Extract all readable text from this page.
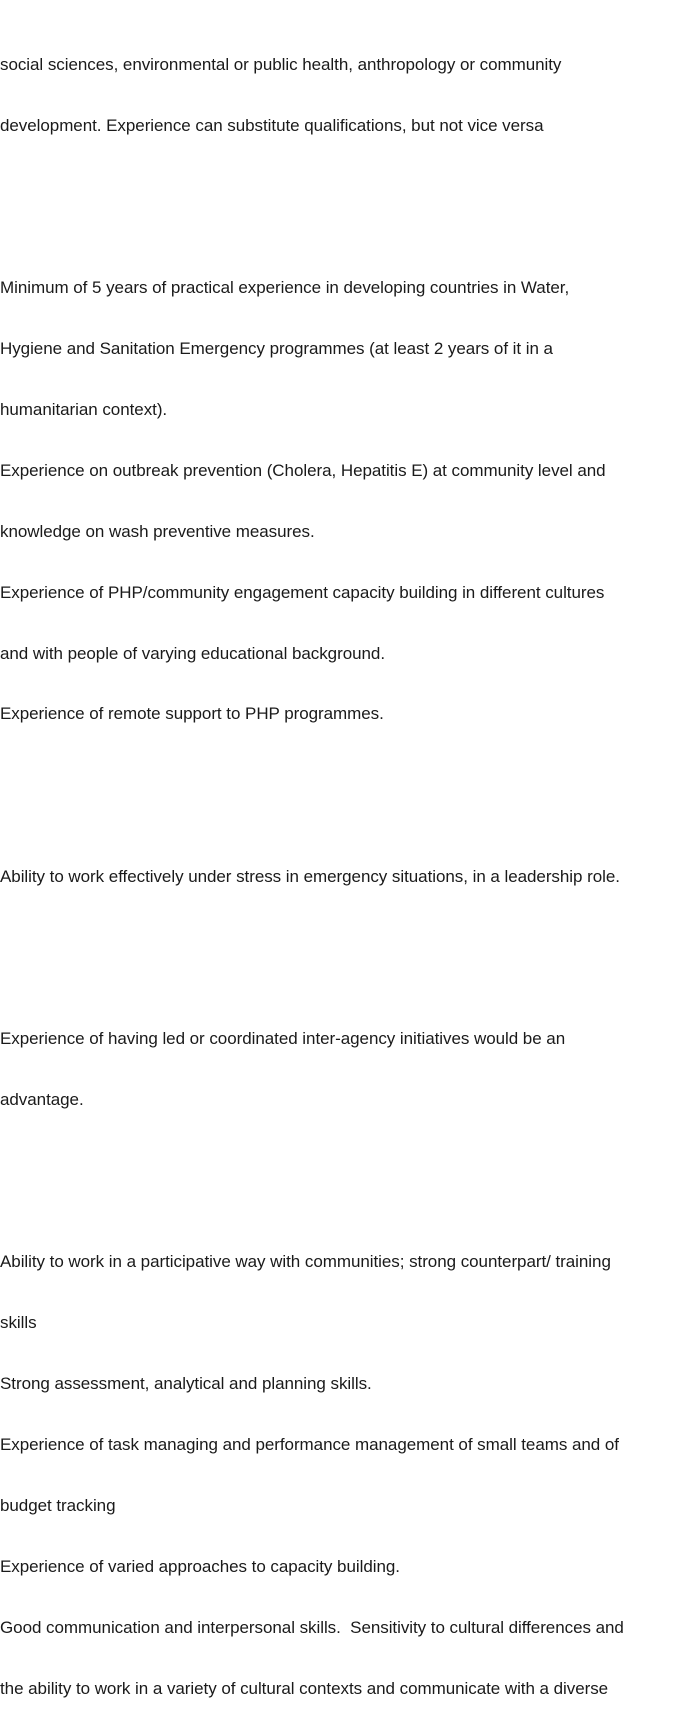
social sciences, environmental or public health, anthropology or community

development. Experience can substitute qualifications, but not vice versa

Minimum of 5 years of practical experience in developing countries in Water,

Hygiene and Sanitation Emergency programmes (at least 2 years of it in a

humanitarian context).

Experience on outbreak prevention (Cholera, Hepatitis E) at community level and

knowledge on wash preventive measures.

Experience of PHP/community engagement capacity building in different cultures

and with people of varying educational background.

Experience of remote support to PHP programmes.

Ability to work effectively under stress in emergency situations, in a leadership role.

Experience of having led or coordinated inter-agency initiatives would be an

advantage.

Ability to work in a participative way with communities; strong counterpart/ training

skills

Strong assessment, analytical and planning skills.

Experience of task managing and performance management of small teams and of

budget tracking

Experience of varied approaches to capacity building.

Good communication and interpersonal skills.  Sensitivity to cultural differences and

the ability to work in a variety of cultural contexts and communicate with a diverse
